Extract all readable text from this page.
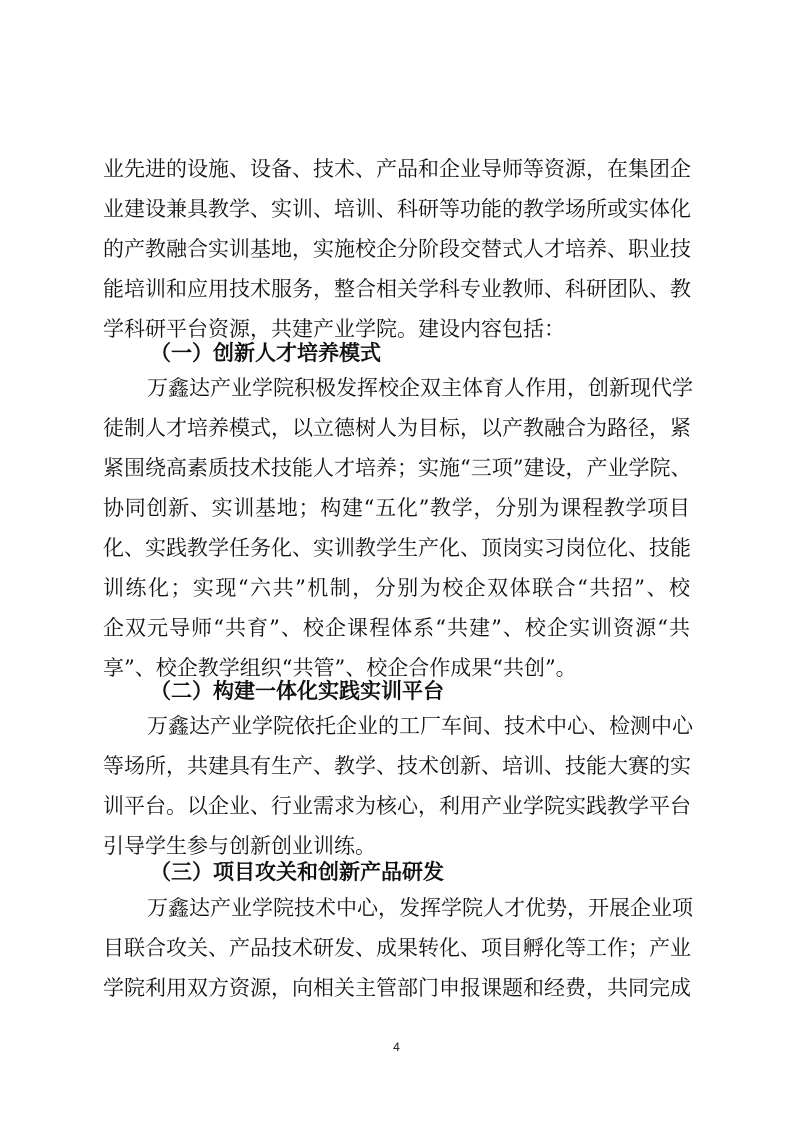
业先进的设施、设备、技术、产品和企业导师等资源，在集团企
业建设兼具教学、实训、培训、科研等功能的教学场所或实体化
的产教融合实训基地，实施校企分阶段交替式人才培养、职业技
能培训和应用技术服务，整合相关学科专业教师、科研团队、教
学科研平台资源，共建产业学院。建设内容包括：
（一）创新人才培养模式
万鑫达产业学院积极发挥校企双主体育人作用，创新现代学
徒制人才培养模式，以立德树人为目标，以产教融合为路径，紧
紧围绕高素质技术技能人才培养；实施“三项”建设，产业学院、
协同创新、实训基地；构建“五化”教学，分别为课程教学项目
化、实践教学任务化、实训教学生产化、顶岗实习岗位化、技能
训练化；实现“六共”机制，分别为校企双体联合“共招”、校
企双元导师“共育”、校企课程体系“共建”、校企实训资源“共
享”、校企教学组织“共管”、校企合作成果“共创”。
（二）构建一体化实践实训平台
万鑫达产业学院依托企业的工厂车间、技术中心、检测中心
等场所，共建具有生产、教学、技术创新、培训、技能大赛的实
训平台。以企业、行业需求为核心，利用产业学院实践教学平台
引导学生参与创新创业训练。
（三）项目攻关和创新产品研发
万鑫达产业学院技术中心，发挥学院人才优势，开展企业项
目联合攻关、产品技术研发、成果转化、项目孵化等工作；产业
学院利用双方资源，向相关主管部门申报课题和经费，共同完成
4
